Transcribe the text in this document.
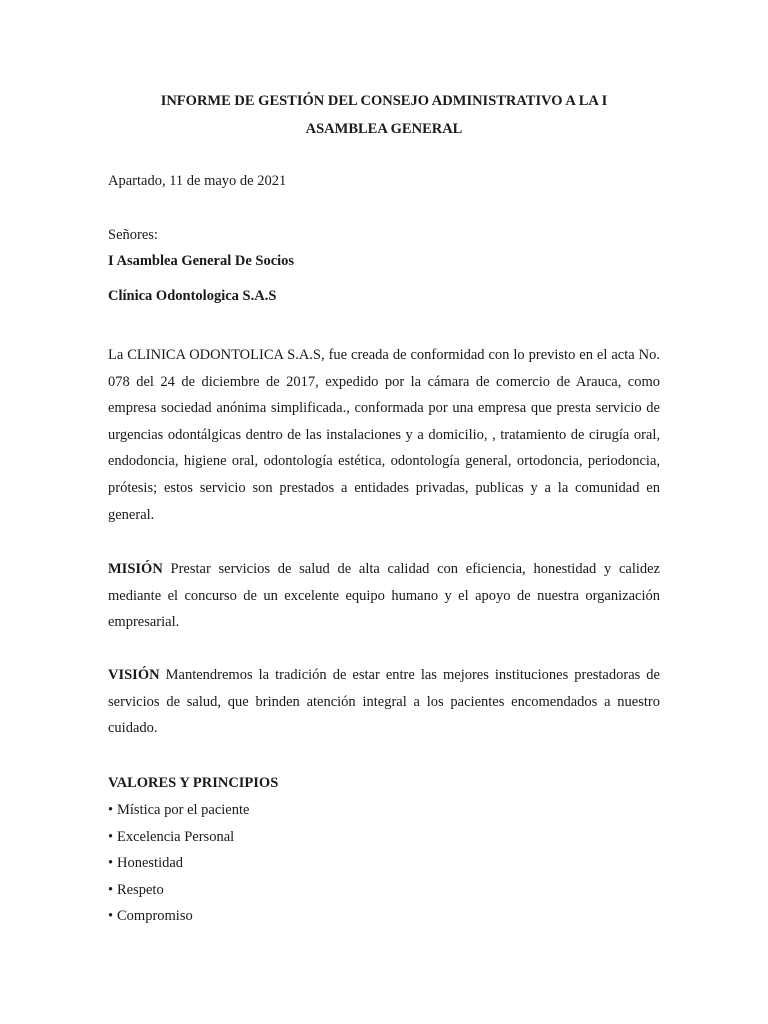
INFORME DE GESTIÓN DEL CONSEJO ADMINISTRATIVO A LA I
ASAMBLEA GENERAL
Apartado, 11 de mayo de 2021
Señores:
I Asamblea General De Socios
Clínica Odontologica S.A.S
La CLINICA ODONTOLICA S.A.S, fue creada de conformidad con lo previsto en el acta No. 078 del 24 de diciembre de 2017, expedido por la cámara de comercio de Arauca, como empresa sociedad anónima simplificada., conformada por una empresa que presta servicio de urgencias odontálgicas dentro de las instalaciones y a domicilio, , tratamiento de cirugía oral, endodoncia, higiene oral, odontología estética, odontología general, ortodoncia, periodoncia, prótesis; estos servicio son prestados a entidades privadas, publicas y a la comunidad en general.
MISIÓN Prestar servicios de salud de alta calidad con eficiencia, honestidad y calidez mediante el concurso de un excelente equipo humano y el apoyo de nuestra organización empresarial.
VISIÓN Mantendremos la tradición de estar entre las mejores instituciones prestadoras de servicios de salud, que brinden atención integral a los pacientes encomendados a nuestro cuidado.
VALORES Y PRINCIPIOS
• Mística por el paciente
• Excelencia Personal
• Honestidad
• Respeto
• Compromiso
